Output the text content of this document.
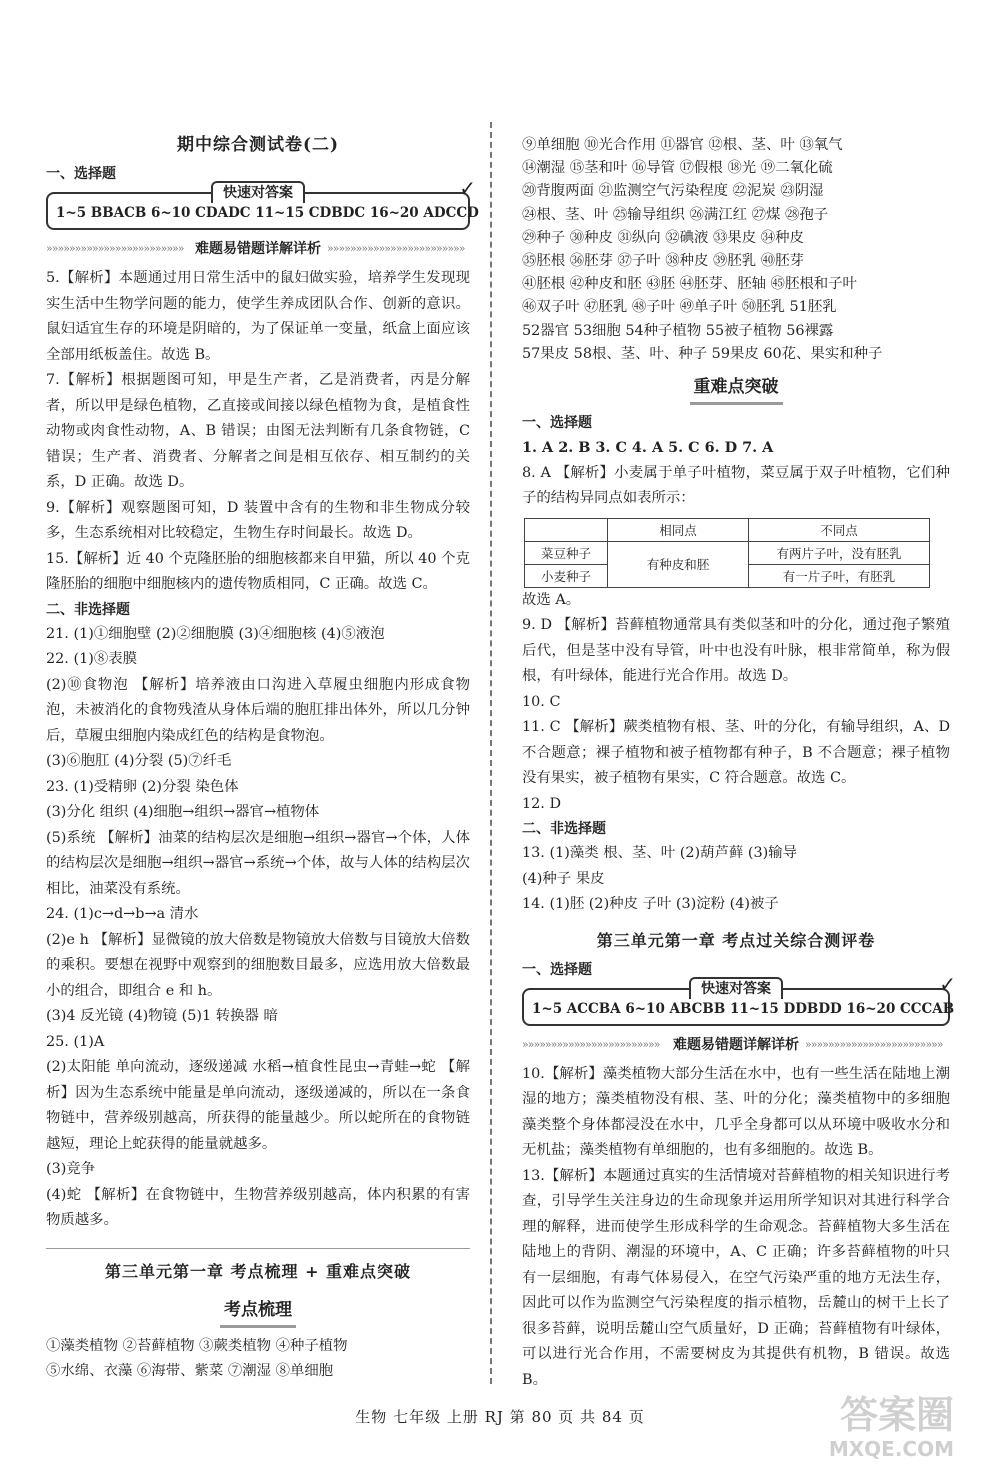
期中综合测试卷(二)

一、选择题

快速对答案	✓
1~5 BBACB 6~10 CDADC 11~15 CDBDC 16~20 ADCCD
»»»»»»»»»»»»»»»»»»»»»»»» 难题易错题详解详析 »»»»»»»»»»»»»»»»»»»»»»»»

5.【解析】本题通过用日常生活中的鼠妇做实验，培养学生发现现实生活中生物学问题的能力，使学生养成团队合作、创新的意识。鼠妇适宜生存的环境是阴暗的，为了保证单一变量，纸盒上面应该全部用纸板盖住。故选 B。

7.【解析】根据题图可知，甲是生产者，乙是消费者，丙是分解者，所以甲是绿色植物，乙直接或间接以绿色植物为食，是植食性动物或肉食性动物，A、B 错误；由图无法判断有几条食物链，C 错误；生产者、消费者、分解者之间是相互依存、相互制约的关系，D 正确。故选 D。

9.【解析】观察题图可知，D 装置中含有的生物和非生物成分较多，生态系统相对比较稳定，生物生存时间最长。故选 D。

15.【解析】近 40 个克隆胚胎的细胞核都来自甲猫，所以 40 个克隆胚胎的细胞中细胞核内的遗传物质相同，C 正确。故选 C。

二、非选择题

21. (1)①细胞壁 (2)②细胞膜 (3)④细胞核 (4)⑤液泡

22. (1)⑧表膜

(2)⑩食物泡 【解析】培养液由口沟进入草履虫细胞内形成食物泡，未被消化的食物残渣从身体后端的胞肛排出体外，所以几分钟后，草履虫细胞内染成红色的结构是食物泡。

(3)⑥胞肛 (4)分裂 (5)⑦纤毛

23. (1)受精卵 (2)分裂 染色体

(3)分化 组织 (4)细胞→组织→器官→植物体

(5)系统 【解析】油菜的结构层次是细胞→组织→器官→个体，人体的结构层次是细胞→组织→器官→系统→个体，故与人体的结构层次相比，油菜没有系统。

24. (1)c→d→b→a 清水

(2)e h 【解析】显微镜的放大倍数是物镜放大倍数与目镜放大倍数的乘积。要想在视野中观察到的细胞数目最多，应选用放大倍数最小的组合，即组合 e 和 h。

(3)4 反光镜 (4)物镜 (5)1 转换器 暗

25. (1)A

(2)太阳能 单向流动，逐级递减 水稻→植食性昆虫→青蛙→蛇 【解析】因为生态系统中能量是单向流动，逐级递减的，所以在一条食物链中，营养级别越高，所获得的能量越少。所以蛇所在的食物链越短，理论上蛇获得的能量就越多。

(3)竞争

(4)蛇 【解析】在食物链中，生物营养级别越高，体内积累的有害物质越多。

第三单元第一章 考点梳理 + 重难点突破

考点梳理

①藻类植物 ②苔藓植物 ③蕨类植物 ④种子植物

⑤水绵、衣藻 ⑥海带、紫菜 ⑦潮湿 ⑧单细胞

⑨单细胞 ⑩光合作用 ⑪器官 ⑫根、茎、叶 ⑬氧气

⑭潮湿 ⑮茎和叶 ⑯导管 ⑰假根 ⑱光 ⑲二氧化硫

⑳背腹两面 ㉑监测空气污染程度 ㉒泥炭 ㉓阴湿

㉔根、茎、叶 ㉕输导组织 ㉖满江红 ㉗煤 ㉘孢子

㉙种子 ㉚种皮 ㉛纵向 ㉜碘液 ㉝果皮 ㉞种皮

㉟胚根 ㊱胚芽 ㊲子叶 ㊳种皮 ㊴胚乳 ㊵胚芽

㊶胚根 ㊷种皮和胚 ㊸胚 ㊹胚芽、胚轴 ㊺胚根和子叶

㊻双子叶 ㊼胚乳 ㊽子叶 ㊾单子叶 ㊿胚乳 51胚乳

52器官 53细胞 54种子植物 55被子植物 56裸露

57果皮 58根、茎、叶、种子 59果皮 60花、果实和种子

重难点突破

一、选择题

1. A 2. B 3. C 4. A 5. C 6. D 7. A

8. A 【解析】小麦属于单子叶植物，菜豆属于双子叶植物，它们种子的结构异同点如表所示：

	相同点	不同点
菜豆种子	有种皮和胚	有两片子叶，没有胚乳
小麦种子		有一片子叶，有胚乳

故选 A。

9. D 【解析】苔藓植物通常具有类似茎和叶的分化，通过孢子繁殖后代，但是茎中没有导管，叶中也没有叶脉，根非常简单，称为假根，有叶绿体，能进行光合作用。故选 D。

10. C

11. C 【解析】蕨类植物有根、茎、叶的分化，有输导组织，A、D 不合题意；裸子植物和被子植物都有种子，B 不合题意；裸子植物没有果实，被子植物有果实，C 符合题意。故选 C。

12. D

二、非选择题

13. (1)藻类 根、茎、叶 (2)葫芦藓 (3)输导

(4)种子 果皮

14. (1)胚 (2)种皮 子叶 (3)淀粉 (4)被子

第三单元第一章 考点过关综合测评卷

一、选择题

快速对答案	✓
1~5 ACCBA 6~10 ABCBB 11~15 DDBDD 16~20 CCCAB
»»»»»»»»»»»»»»»»»»»»»»»» 难题易错题详解详析 »»»»»»»»»»»»»»»»»»»»»»»»

10.【解析】藻类植物大部分生活在水中，也有一些生活在陆地上潮湿的地方；藻类植物没有根、茎、叶的分化；藻类植物中的多细胞藻类整个身体都浸没在水中，几乎全身都可以从环境中吸收水分和无机盐；藻类植物有单细胞的，也有多细胞的。故选 B。

13.【解析】本题通过真实的生活情境对苔藓植物的相关知识进行考查，引导学生关注身边的生命现象并运用所学知识对其进行科学合理的解释，进而使学生形成科学的生命观念。苔藓植物大多生活在陆地上的背阴、潮湿的环境中，A、C 正确；许多苔藓植物的叶只有一层细胞，有毒气体易侵入，在空气污染严重的地方无法生存，因此可以作为监测空气污染程度的指示植物，岳麓山的树干上长了很多苔藓，说明岳麓山空气质量好，D 正确；苔藓植物有叶绿体，可以进行光合作用，不需要树皮为其提供有机物，B 错误。故选 B。

生物 七年级 上册 RJ 第 80 页 共 84 页	答案圈
MXQE.COM
